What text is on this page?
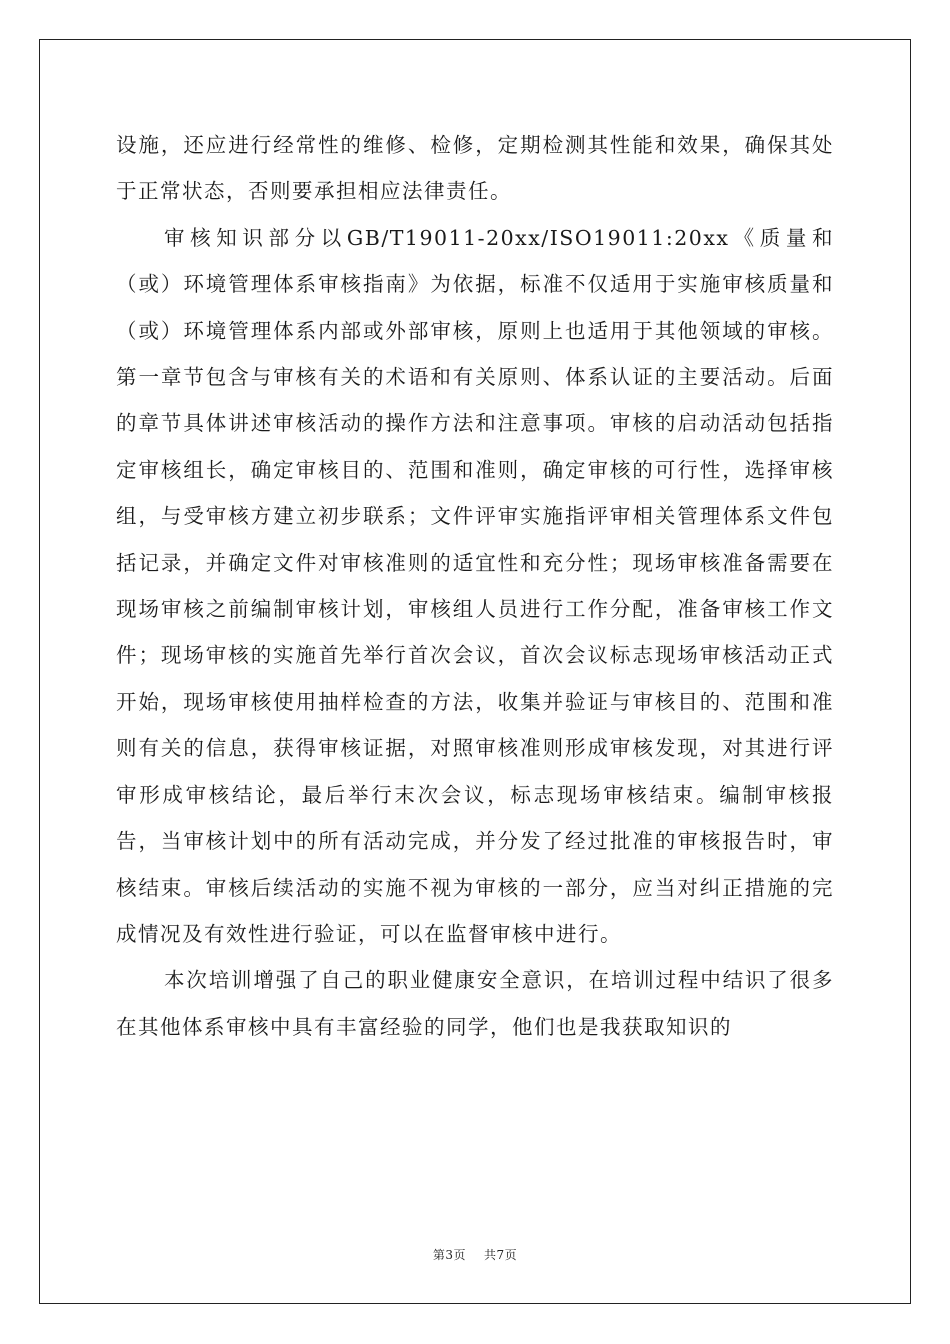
设施，还应进行经常性的维修、检修，定期检测其性能和效果，确保其处于正常状态，否则要承担相应法律责任。

审核知识部分以GB/T19011-20xx/ISO19011:20xx《质量和（或）环境管理体系审核指南》为依据，标准不仅适用于实施审核质量和（或）环境管理体系内部或外部审核，原则上也适用于其他领域的审核。第一章节包含与审核有关的术语和有关原则、体系认证的主要活动。后面的章节具体讲述审核活动的操作方法和注意事项。审核的启动活动包括指定审核组长，确定审核目的、范围和准则，确定审核的可行性，选择审核组，与受审核方建立初步联系；文件评审实施指评审相关管理体系文件包括记录，并确定文件对审核准则的适宜性和充分性；现场审核准备需要在现场审核之前编制审核计划，审核组人员进行工作分配，准备审核工作文件；现场审核的实施首先举行首次会议，首次会议标志现场审核活动正式开始，现场审核使用抽样检查的方法，收集并验证与审核目的、范围和准则有关的信息，获得审核证据，对照审核准则形成审核发现，对其进行评审形成审核结论，最后举行末次会议，标志现场审核结束。编制审核报告，当审核计划中的所有活动完成，并分发了经过批准的审核报告时，审核结束。审核后续活动的实施不视为审核的一部分，应当对纠正措施的完成情况及有效性进行验证，可以在监督审核中进行。

本次培训增强了自己的职业健康安全意识，在培训过程中结识了很多在其他体系审核中具有丰富经验的同学，他们也是我获取知识的

第3页 共7页
